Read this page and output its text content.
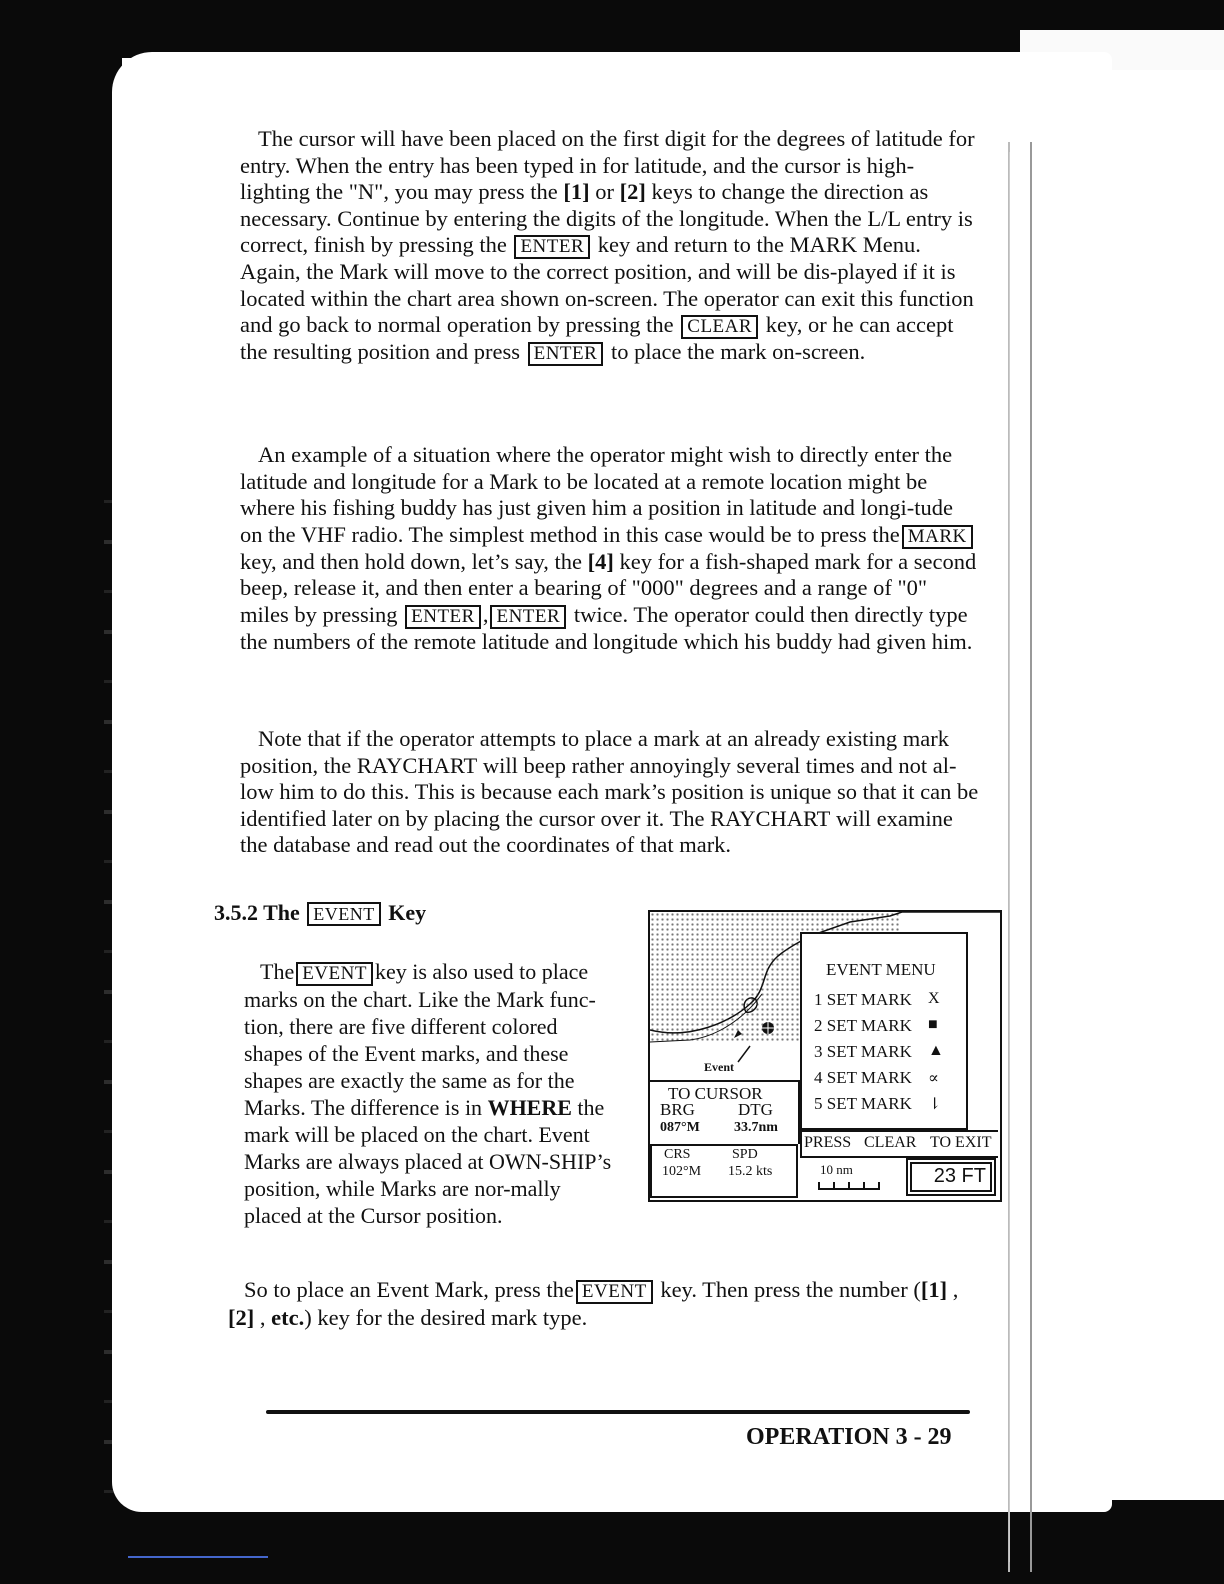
The cursor will have been placed on the first digit for the degrees of latitude for entry. When the entry has been typed in for latitude, and the cursor is high-lighting the "N", you may press the [1] or [2] keys to change the direction as necessary. Continue by entering the digits of the longitude. When the L/L entry is correct, finish by pressing the ENTER key and return to the MARK Menu. Again, the Mark will move to the correct position, and will be dis-played if it is located within the chart area shown on-screen. The operator can exit this function and go back to normal operation by pressing the CLEAR key, or he can accept the resulting position and press ENTER to place the mark on-screen.

An example of a situation where the operator might wish to directly enter the latitude and longitude for a Mark to be located at a remote location might be where his fishing buddy has just given him a position in latitude and longi-tude on the VHF radio. The simplest method in this case would be to press the MARK key, and then hold down, let’s say, the [4] key for a fish-shaped mark for a second beep, release it, and then enter a bearing of "000" degrees and a range of "0" miles by pressing ENTER , ENTER twice. The operator could then directly type the numbers of the remote latitude and longitude which his buddy had given him.

Note that if the operator attempts to place a mark at an already existing mark position, the RAYCHART will beep rather annoyingly several times and not al-low him to do this. This is because each mark’s position is unique so that it can be identified later on by placing the cursor over it. The RAYCHART will examine the database and read out the coordinates of that mark.

3.5.2 The EVENT Key

The EVENT key is also used to place marks on the chart. Like the Mark func-tion, there are five different colored shapes of the Event marks, and these shapes are exactly the same as for the Marks. The difference is in WHERE the mark will be placed on the chart. Event Marks are always placed at OWN-SHIP’s position, while Marks are nor-mally placed at the Cursor position.

Event
TO CURSOR
BRG	DTG
087°M 33.7nm
CRS	SPD
102°M 15.2 kts
EVENT MENU
1 SET MARK X
2 SET MARK ■
3 SET MARK ▲
4 SET MARK ∝
5 SET MARK ⇂
PRESS CLEAR TO EXIT
10 nm	23 FT

So to place an Event Mark, press the EVENT key. Then press the number ([1] , [2] , etc.) key for the desired mark type.

OPERATION 3 - 29
